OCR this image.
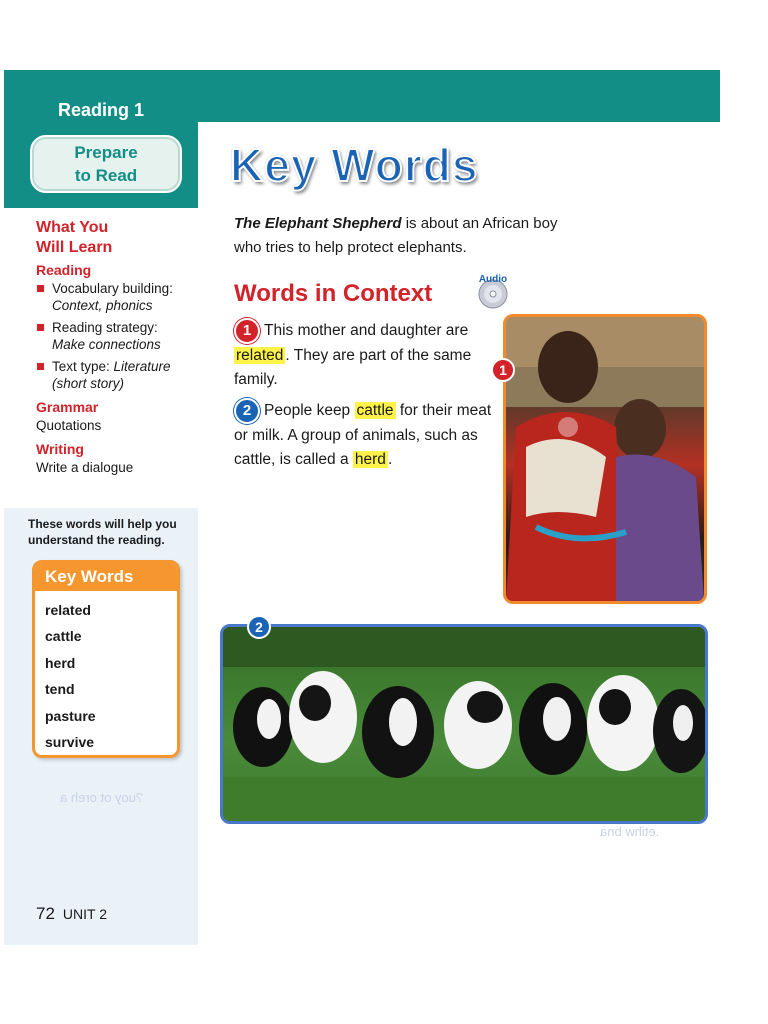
?uoy ot oreh a
.etihw bna
Reading 1
Prepare
to Read Key Words
The Elephant Shepherd is about an African boy
who tries to help protect elephants.
Words in Context
Audio
1 This mother and daughter are related . They are part of the same family.
2 People keep cattle for their meat or milk. A group of animals, such as cattle, is called a herd .
1
2
What You
Will Learn
Reading
Vocabulary building:
Context, phonics
Reading strategy:
Make connections
Text type: Literature
(short story)
Grammar
Quotations
Writing
Write a dialogue
These words will help you understand the reading.
Key Words
related
cattle
herd
tend
pasture
survive
72 UNIT 2
